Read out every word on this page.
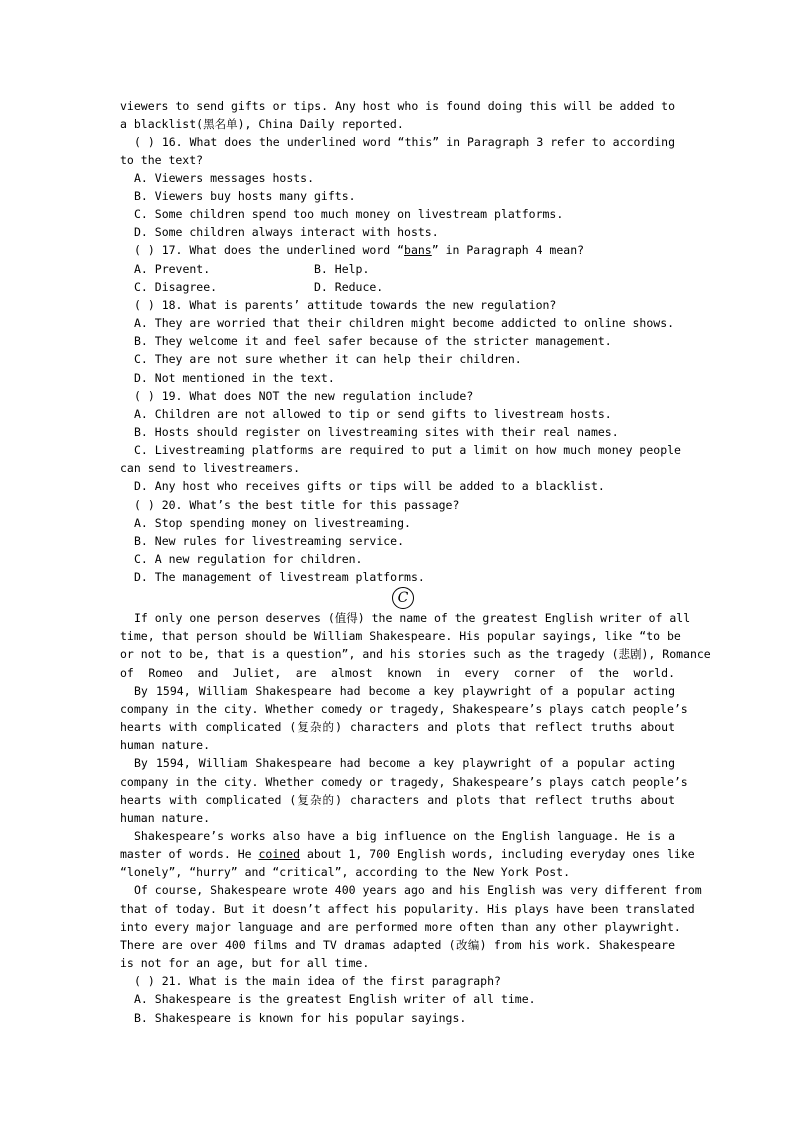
viewers to send gifts or tips. Any host who is found doing this will be added to
a blacklist(黑名单), China Daily reported.
( ) 16. What does the underlined word “this” in Paragraph 3 refer to according
to the text?
A. Viewers messages hosts.
B. Viewers buy hosts many gifts.
C. Some children spend too much money on livestream platforms.
D. Some children always interact with hosts.
( ) 17. What does the underlined word “bans” in Paragraph 4 mean?
A. Prevent.	B. Help.
C. Disagree.	D. Reduce.
( ) 18. What is parents’ attitude towards the new regulation?
A. They are worried that their children might become addicted to online shows.
B. They welcome it and feel safer because of the stricter management.
C. They are not sure whether it can help their children.
D. Not mentioned in the text.
( ) 19. What does NOT the new regulation include?
A. Children are not allowed to tip or send gifts to livestream hosts.
B. Hosts should register on livestreaming sites with their real names.
C. Livestreaming platforms are required to put a limit on how much money people
can send to livestreamers.
D. Any host who receives gifts or tips will be added to a blacklist.
( ) 20. What’s the best title for this passage?
A. Stop spending money on livestreaming.
B. New rules for livestreaming service.
C. A new regulation for children.
D. The management of livestream platforms.
C
If only one person deserves (值得) the name of the greatest English writer of all
time, that person should be William Shakespeare. His popular sayings, like “to be
or not to be, that is a question”, and his stories such as the tragedy (悲剧), Romance
of Romeo and Juliet, are almost known in every corner of the world.
By 1594, William Shakespeare had become a key playwright of a popular acting
company in the city. Whether comedy or tragedy, Shakespeare’s plays catch people’s
hearts with complicated (复杂的) characters and plots that reflect truths about
human nature.
By 1594, William Shakespeare had become a key playwright of a popular acting
company in the city. Whether comedy or tragedy, Shakespeare’s plays catch people’s
hearts with complicated (复杂的) characters and plots that reflect truths about
human nature.
Shakespeare’s works also have a big influence on the English language. He is a
master of words. He coined about 1, 700 English words, including everyday ones like
“lonely”, “hurry” and “critical”, according to the New York Post.
Of course, Shakespeare wrote 400 years ago and his English was very different from
that of today. But it doesn’t affect his popularity. His plays have been translated
into every major language and are performed more often than any other playwright.
There are over 400 films and TV dramas adapted (改编) from his work. Shakespeare
is not for an age, but for all time.
( ) 21. What is the main idea of the first paragraph?
A. Shakespeare is the greatest English writer of all time.
B. Shakespeare is known for his popular sayings.
